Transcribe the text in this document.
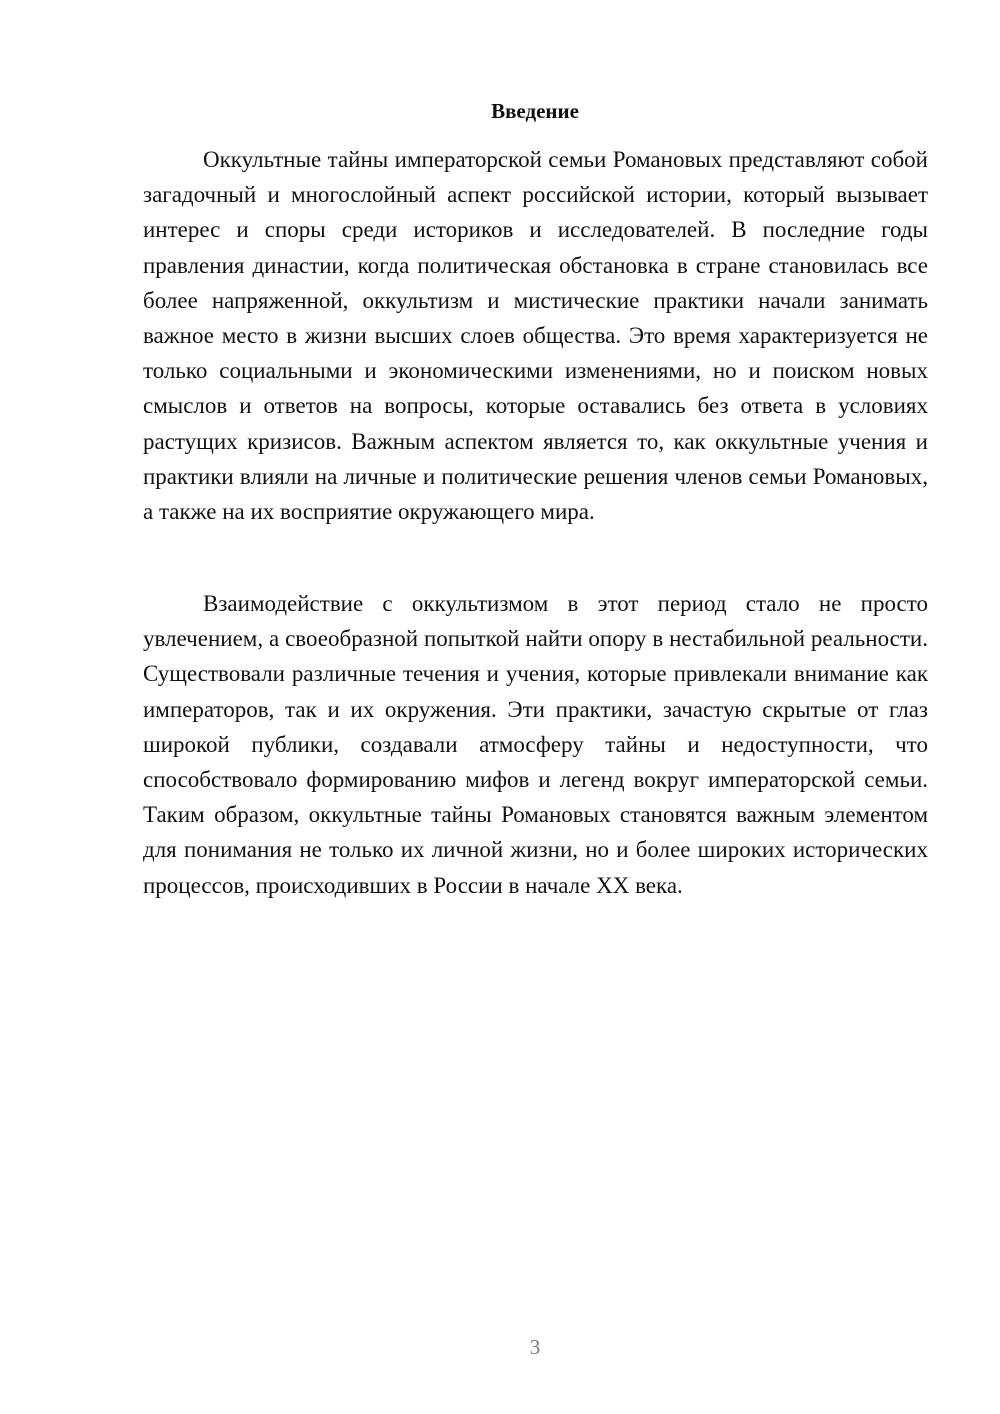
Введение

Оккультные тайны императорской семьи Романовых представляют собой загадочный и многослойный аспект российской истории, который вызывает интерес и споры среди историков и исследователей. В последние годы правления династии, когда политическая обстановка в стране становилась все более напряженной, оккультизм и мистические практики начали занимать важное место в жизни высших слоев общества. Это время характеризуется не только социальными и экономическими изменениями, но и поиском новых смыслов и ответов на вопросы, которые оставались без ответа в условиях растущих кризисов. Важным аспектом является то, как оккультные учения и практики влияли на личные и политические решения членов семьи Романовых, а также на их восприятие окружающего мира.

Взаимодействие с оккультизмом в этот период стало не просто увлечением, а своеобразной попыткой найти опору в нестабильной реальности. Существовали различные течения и учения, которые привлекали внимание как императоров, так и их окружения. Эти практики, зачастую скрытые от глаз широкой публики, создавали атмосферу тайны и недоступности, что способствовало формированию мифов и легенд вокруг императорской семьи. Таким образом, оккультные тайны Романовых становятся важным элементом для понимания не только их личной жизни, но и более широких исторических процессов, происходивших в России в начале XX века.

3
